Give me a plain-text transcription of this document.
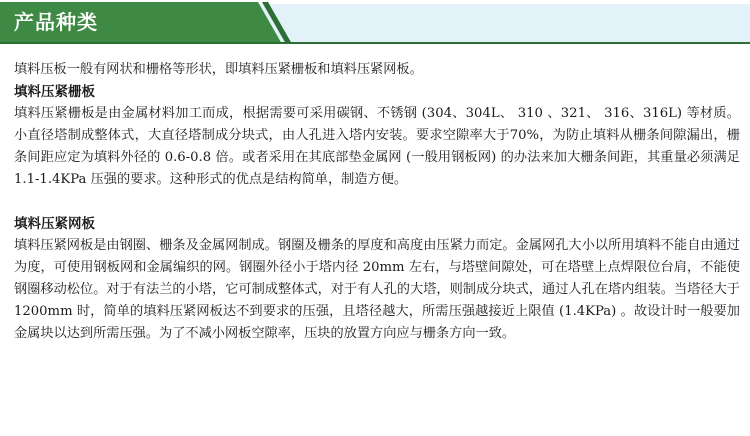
产品种类

填料压板一般有网状和栅格等形状，即填料压紧栅板和填料压紧网板。

填料压紧栅板

填料压紧栅板是由金属材料加工而成，根据需要可采用碳钢、不锈钢 (304、304L、 310 、321、 316、316L) 等材质。小直径塔制成整体式，大直径塔制成分块式，由人孔进入塔内安装。要求空隙率大于70%，为防止填料从栅条间隙漏出，栅条间距应定为填料外径的 0.6-0.8 倍。或者采用在其底部垫金属网 (一般用钢板网) 的办法来加大栅条间距，其重量必须满足 1.1-1.4KPa 压强的要求。这种形式的优点是结构简单，制造方便。

填料压紧网板

填料压紧网板是由钢圈、栅条及金属网制成。钢圈及栅条的厚度和高度由压紧力而定。金属网孔大小以所用填料不能自由通过为度，可使用钢板网和金属编织的网。钢圈外径小于塔内径 20mm 左右，与塔壁间隙处，可在塔壁上点焊限位台肩，不能使钢圈移动松位。对于有法兰的小塔，它可制成整体式，对于有人孔的大塔，则制成分块式，通过人孔在塔内组装。当塔径大于 1200mm 时，简单的填料压紧网板达不到要求的压强，且塔径越大，所需压强越接近上限值 (1.4KPa) 。故设计时一般要加金属块以达到所需压强。为了不减小网板空隙率，压块的放置方向应与栅条方向一致。
